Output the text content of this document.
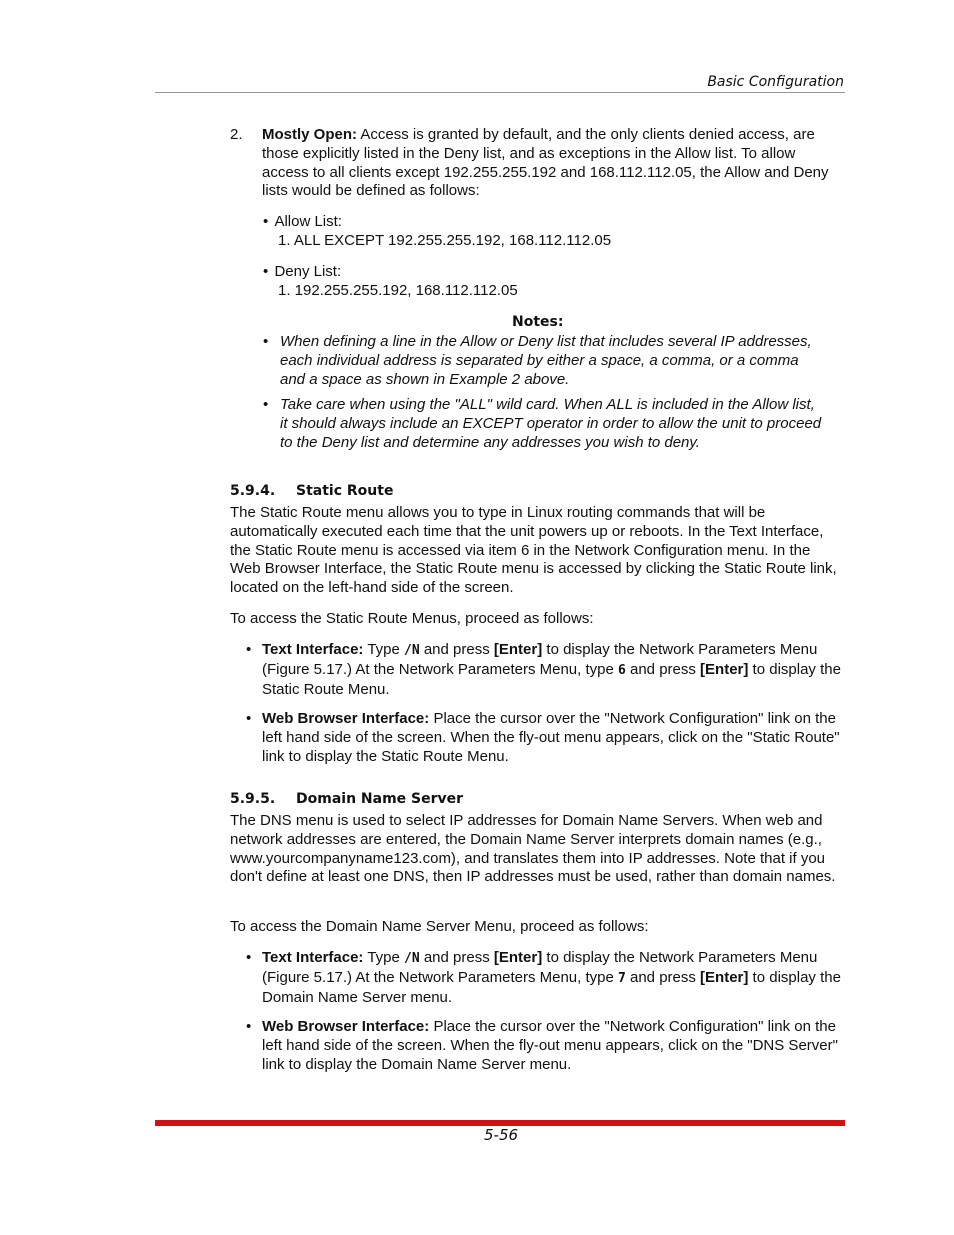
Basic Configuration
2. Mostly Open: Access is granted by default, and the only clients denied access, are those explicitly listed in the Deny list, and as exceptions in the Allow list. To allow access to all clients except 192.255.255.192 and 168.112.112.05, the Allow and Deny lists would be defined as follows:

• Allow List:
1. ALL EXCEPT 192.255.255.192, 168.112.112.05
• Deny List:
1. 192.255.255.192, 168.112.112.05
Notes:
• When defining a line in the Allow or Deny list that includes several IP addresses, each individual address is separated by either a space, a comma, or a comma and a space as shown in Example 2 above.

• Take care when using the "ALL" wild card. When ALL is included in the Allow list, it should always include an EXCEPT operator in order to allow the unit to proceed to the Deny list and determine any addresses you wish to deny.

5.9.4. Static Route

The Static Route menu allows you to type in Linux routing commands that will be automatically executed each time that the unit powers up or reboots. In the Text Interface, the Static Route menu is accessed via item 6 in the Network Configuration menu. In the Web Browser Interface, the Static Route menu is accessed by clicking the Static Route link, located on the left-hand side of the screen.

To access the Static Route Menus, proceed as follows:

• Text Interface: Type /N and press [Enter] to display the Network Parameters Menu (Figure 5.17.) At the Network Parameters Menu, type 6 and press [Enter] to display the Static Route Menu.

• Web Browser Interface: Place the cursor over the "Network Configuration" link on the left hand side of the screen. When the fly-out menu appears, click on the "Static Route" link to display the Static Route Menu.

5.9.5. Domain Name Server

The DNS menu is used to select IP addresses for Domain Name Servers. When web and network addresses are entered, the Domain Name Server interprets domain names (e.g., www.yourcompanyname123.com), and translates them into IP addresses. Note that if you don't define at least one DNS, then IP addresses must be used, rather than domain names.

To access the Domain Name Server Menu, proceed as follows:

• Text Interface: Type /N and press [Enter] to display the Network Parameters Menu (Figure 5.17.) At the Network Parameters Menu, type 7 and press [Enter] to display the Domain Name Server menu.

• Web Browser Interface: Place the cursor over the "Network Configuration" link on the left hand side of the screen. When the fly-out menu appears, click on the "DNS Server" link to display the Domain Name Server menu.

5-56
